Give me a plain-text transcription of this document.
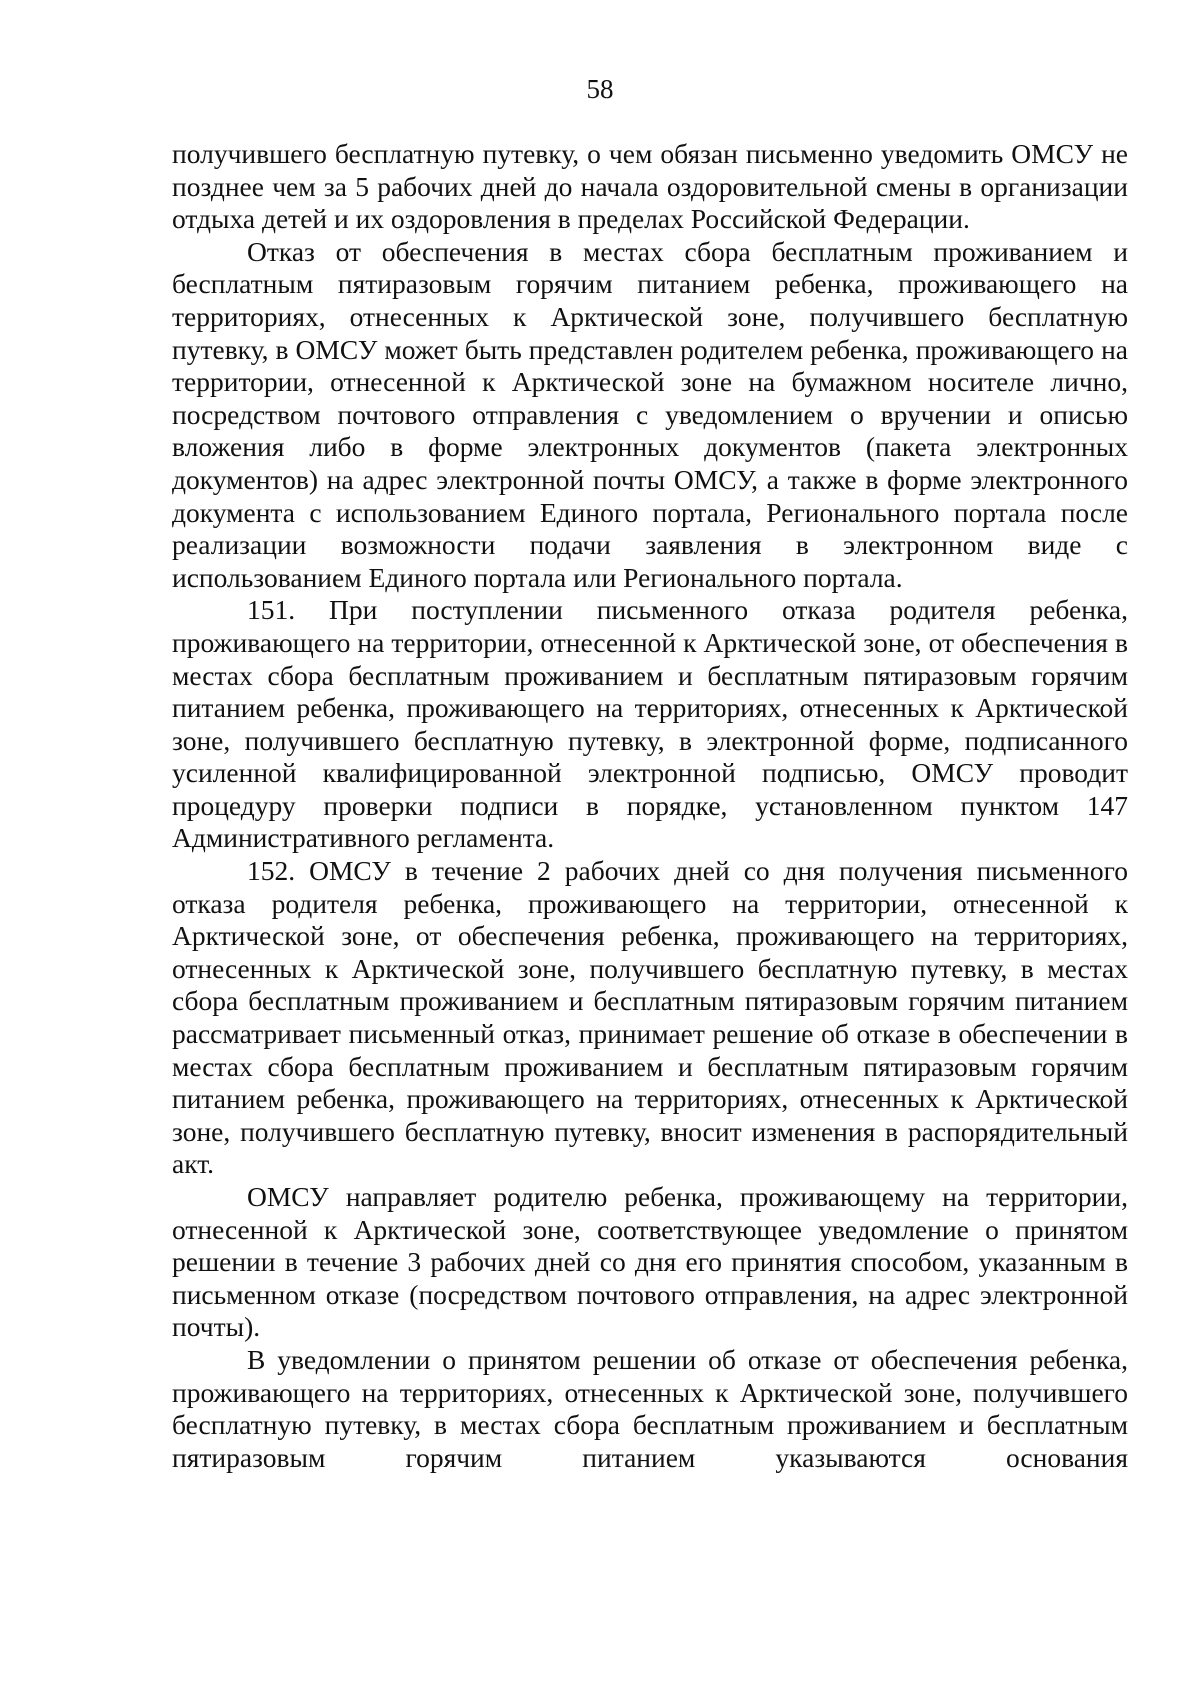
58

получившего бесплатную путевку, о чем обязан письменно уведомить ОМСУ не позднее чем за 5 рабочих дней до начала оздоровительной смены в организации отдыха детей и их оздоровления в пределах Российской Федерации.

Отказ от обеспечения в местах сбора бесплатным проживанием и бесплатным пятиразовым горячим питанием ребенка, проживающего на территориях, отнесенных к Арктической зоне, получившего бесплатную путевку, в ОМСУ может быть представлен родителем ребенка, проживающего на территории, отнесенной к Арктической зоне на бумажном носителе лично, посредством почтового отправления с уведомлением о вручении и описью вложения либо в форме электронных документов (пакета электронных документов) на адрес электронной почты ОМСУ, а также в форме электронного документа с использованием Единого портала, Регионального портала после реализации возможности подачи заявления в электронном виде с использованием Единого портала или Регионального портала.

151. При поступлении письменного отказа родителя ребенка, проживающего на территории, отнесенной к Арктической зоне, от обеспечения в местах сбора бесплатным проживанием и бесплатным пятиразовым горячим питанием ребенка, проживающего на территориях, отнесенных к Арктической зоне, получившего бесплатную путевку, в электронной форме, подписанного усиленной квалифицированной электронной подписью, ОМСУ проводит процедуру проверки подписи в порядке, установленном пунктом 147 Административного регламента.

152. ОМСУ в течение 2 рабочих дней со дня получения письменного отказа родителя ребенка, проживающего на территории, отнесенной к Арктической зоне, от обеспечения ребенка, проживающего на территориях, отнесенных к Арктической зоне, получившего бесплатную путевку, в местах сбора бесплатным проживанием и бесплатным пятиразовым горячим питанием рассматривает письменный отказ, принимает решение об отказе в обеспечении в местах сбора бесплатным проживанием и бесплатным пятиразовым горячим питанием ребенка, проживающего на территориях, отнесенных к Арктической зоне, получившего бесплатную путевку, вносит изменения в распорядительный акт.

ОМСУ направляет родителю ребенка, проживающему на территории, отнесенной к Арктической зоне, соответствующее уведомление о принятом решении в течение 3 рабочих дней со дня его принятия способом, указанным в письменном отказе (посредством почтового отправления, на адрес электронной почты).

В уведомлении о принятом решении об отказе от обеспечения ребенка, проживающего на территориях, отнесенных к Арктической зоне, получившего бесплатную путевку, в местах сбора бесплатным проживанием и бесплатным пятиразовым горячим питанием указываются основания
